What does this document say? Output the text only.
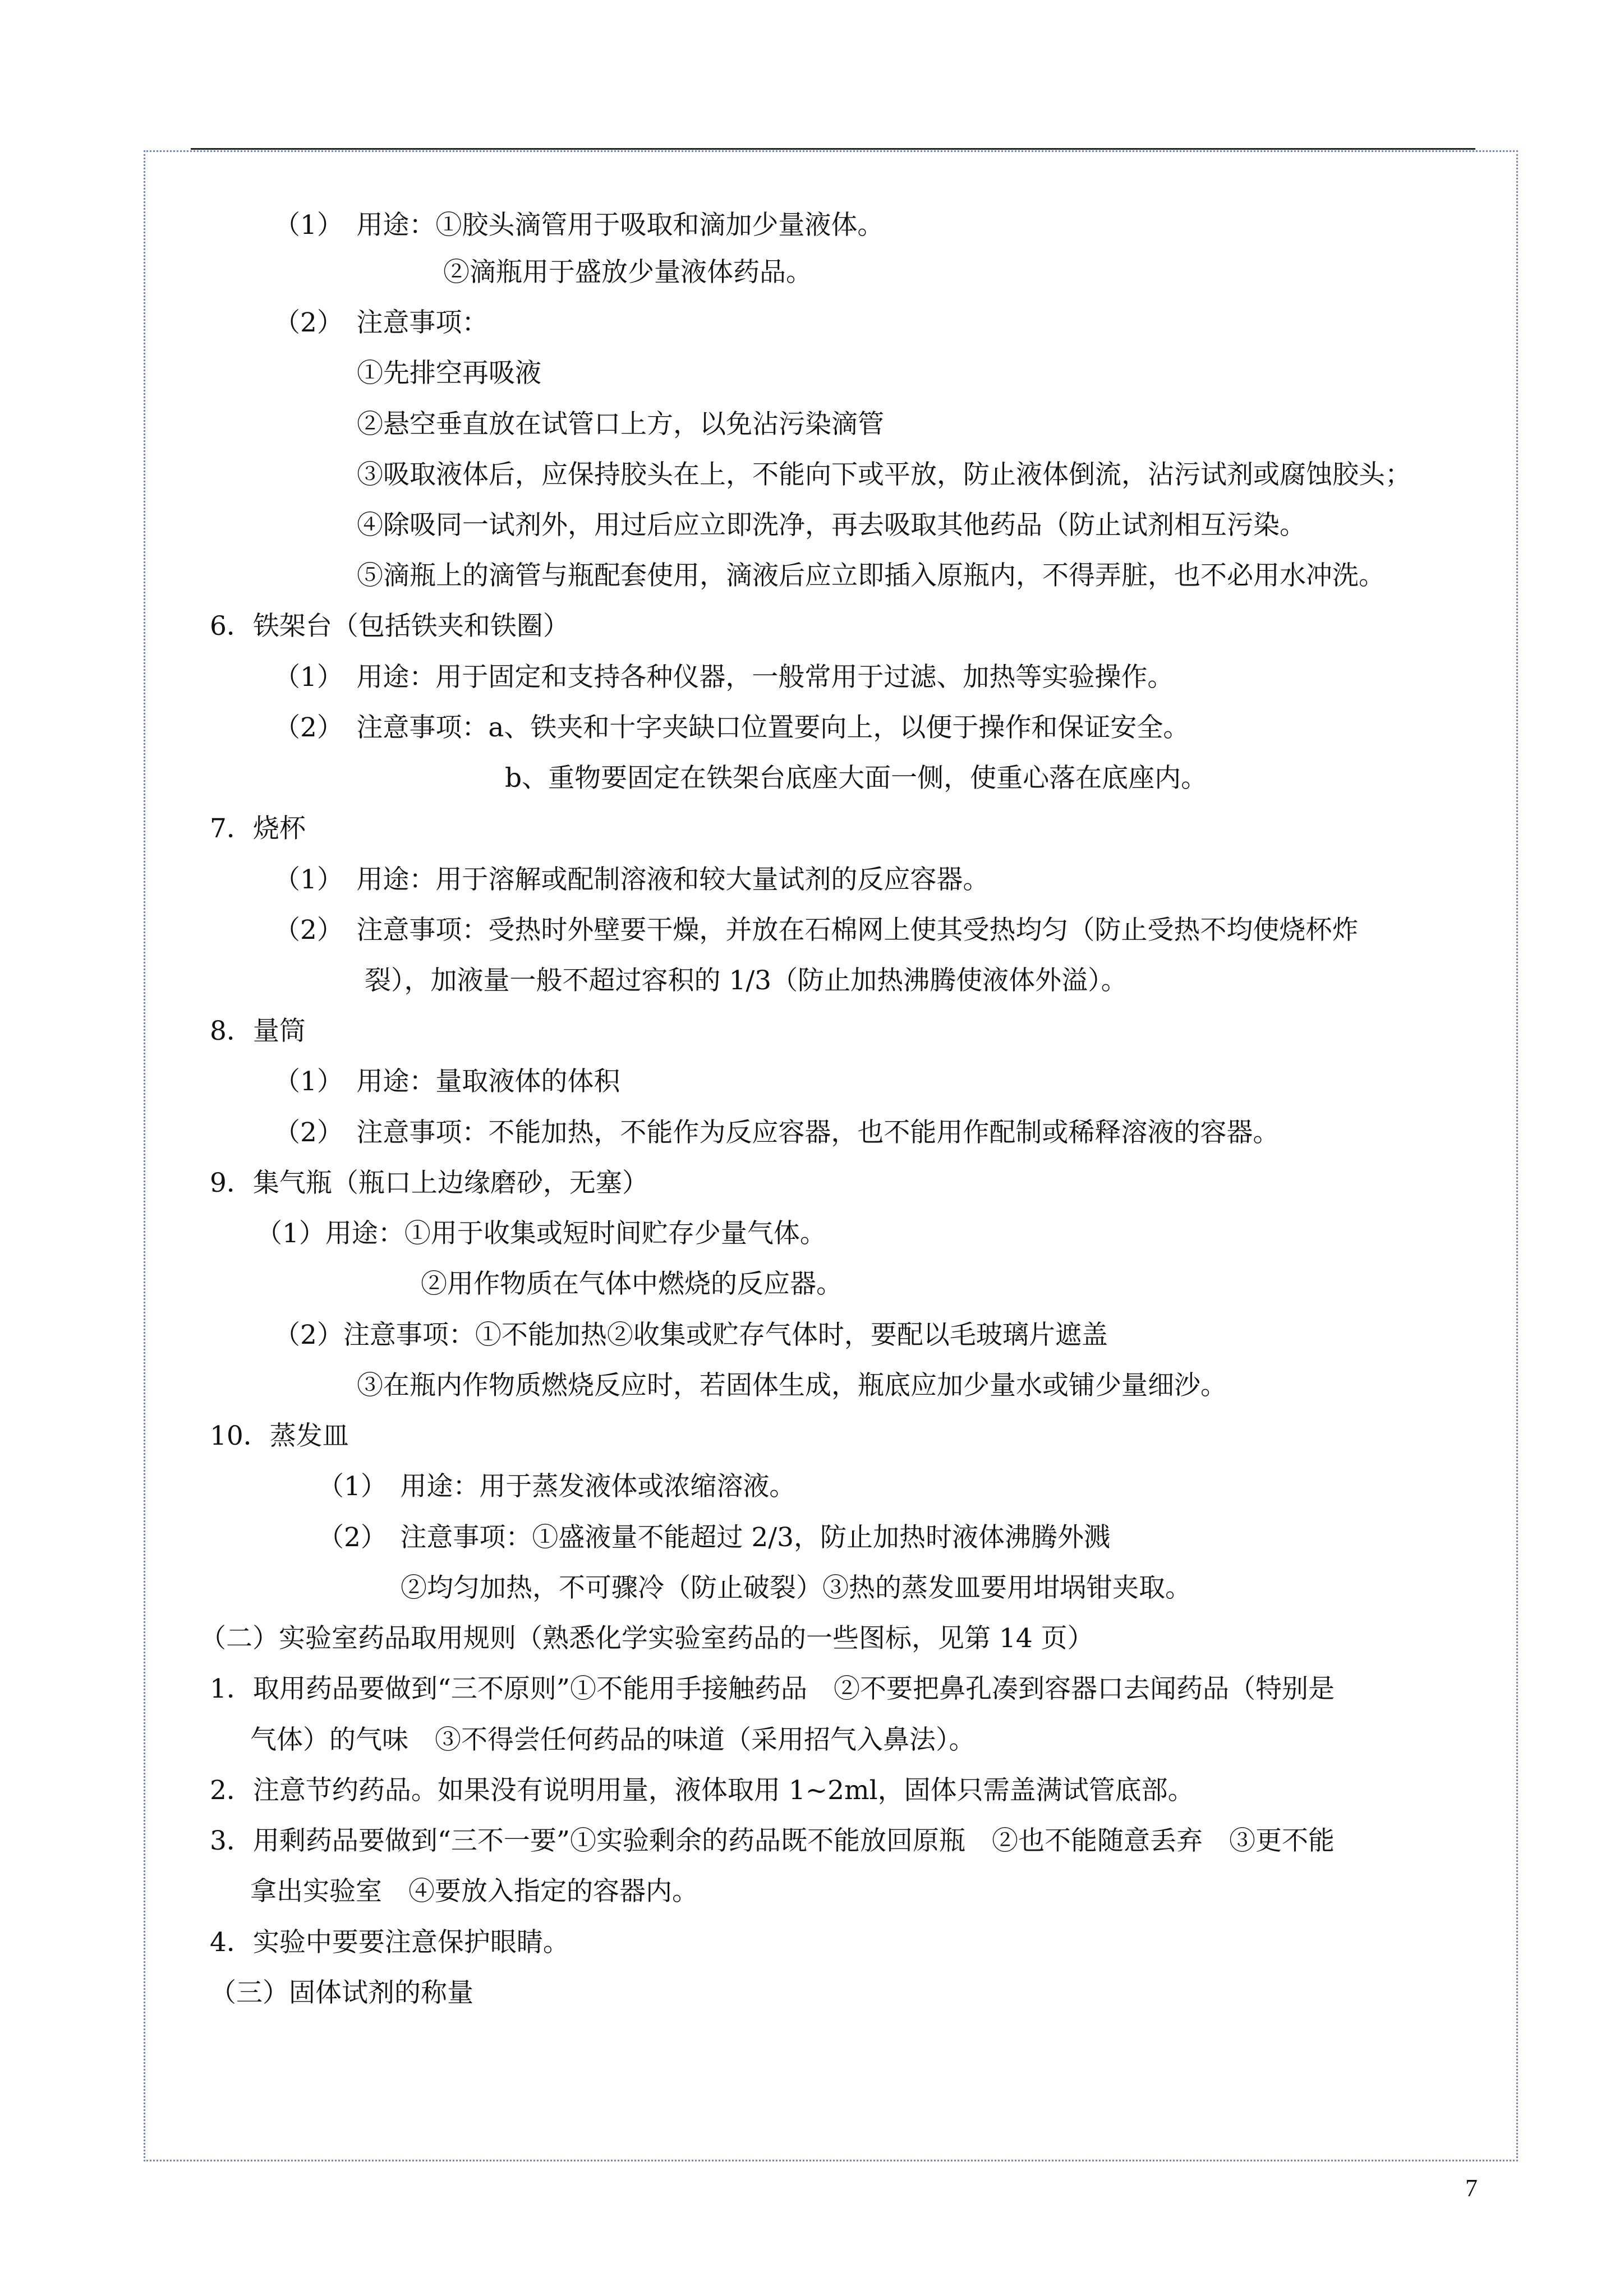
（1）　用途：①胶头滴管用于吸取和滴加少量液体。
②滴瓶用于盛放少量液体药品。
（2）　注意事项：
①先排空再吸液
②悬空垂直放在试管口上方，以免沾污染滴管
③吸取液体后，应保持胶头在上，不能向下或平放，防止液体倒流，沾污试剂或腐蚀胶头；
④除吸同一试剂外，用过后应立即洗净，再去吸取其他药品（防止试剂相互污染。
⑤滴瓶上的滴管与瓶配套使用，滴液后应立即插入原瓶内，不得弄脏，也不必用水冲洗。
6．铁架台（包括铁夹和铁圈）
（1）　用途：用于固定和支持各种仪器，一般常用于过滤、加热等实验操作。
（2）　注意事项：a、铁夹和十字夹缺口位置要向上，以便于操作和保证安全。
b、重物要固定在铁架台底座大面一侧，使重心落在底座内。
7．烧杯
（1）　用途：用于溶解或配制溶液和较大量试剂的反应容器。
（2）　注意事项：受热时外壁要干燥，并放在石棉网上使其受热均匀（防止受热不均使烧杯炸
裂），加液量一般不超过容积的 1/3（防止加热沸腾使液体外溢）。
8．量筒
（1）　用途：量取液体的体积
（2）　注意事项：不能加热，不能作为反应容器，也不能用作配制或稀释溶液的容器。
9．集气瓶（瓶口上边缘磨砂，无塞）
（1）用途：①用于收集或短时间贮存少量气体。
②用作物质在气体中燃烧的反应器。
（2）注意事项：①不能加热②收集或贮存气体时，要配以毛玻璃片遮盖
③在瓶内作物质燃烧反应时，若固体生成，瓶底应加少量水或铺少量细沙。
10．蒸发皿
（1）　用途：用于蒸发液体或浓缩溶液。
（2）　注意事项：①盛液量不能超过 2/3，防止加热时液体沸腾外溅
②均匀加热，不可骤冷（防止破裂）③热的蒸发皿要用坩埚钳夹取。
（二）实验室药品取用规则（熟悉化学实验室药品的一些图标，见第 14 页）
1．取用药品要做到“三不原则”①不能用手接触药品　②不要把鼻孔凑到容器口去闻药品（特别是
气体）的气味　③不得尝任何药品的味道（采用招气入鼻法）。
2．注意节约药品。如果没有说明用量，液体取用 1~2ml，固体只需盖满试管底部。
3．用剩药品要做到“三不一要”①实验剩余的药品既不能放回原瓶　②也不能随意丢弃　③更不能
拿出实验室　④要放入指定的容器内。
4．实验中要要注意保护眼睛。
（三）固体试剂的称量
7
